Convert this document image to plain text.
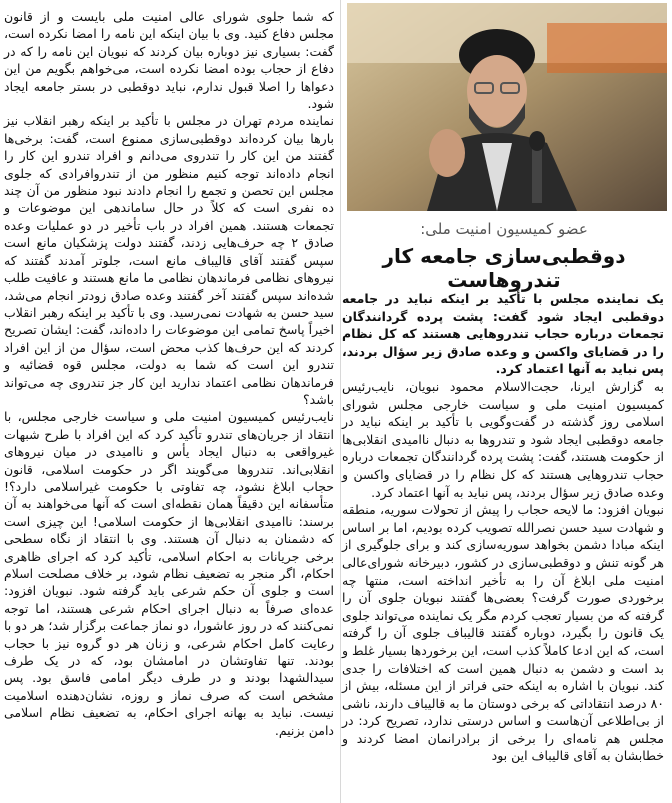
که شما جلوی شورای عالی امنیت ملی بایست و از قانون مجلس دفاع کنید. وی با بیان اینکه این نامه را امضا نکرده است، گفت: بسیاری نیز دوباره بیان کردند که نبویان این نامه را که در دفاع از حجاب بوده امضا نکرده است، می‌خواهم بگویم من این دعواها را اصلا قبول ندارم، نباید دوقطبی در بستر جامعه ایجاد شود.

نماینده مردم تهران در مجلس با تأکید بر اینکه رهبر انقلاب نیز بارها بیان کرده‌اند دوقطبی‌سازی ممنوع است، گفت: برخی‌ها گفتند من این کار را تندروی می‌دانم و افراد تندرو این کار را انجام داده‌اند توجه کنیم منظور من از تندروافرادی که جلوی مجلس این تحصن و تجمع را انجام دادند نبود منظور من آن چند ده نفری است که کلاً در حال ساماندهی این موضوعات و تجمعات هستند. همین افراد در باب تأخیر در دو عملیات وعده صادق ۲ چه حرف‌هایی زدند، گفتند دولت پزشکیان مانع است سپس گفتند آقای قالیباف مانع است، جلوتر آمدند گفتند که نیروهای نظامی فرماندهان نظامی ما مانع هستند و عافیت طلب شده‌اند سپس گفتند آخر گفتند وعده صادق زودتر انجام می‌شد، سید حسن به شهادت نمی‌رسید. وی با تأکید بر اینکه رهبر انقلاب اخیراً پاسخ تمامی این موضوعات را داده‌اند، گفت: ایشان تصریح کردند که این حرف‌ها کذب محض است، سؤال من از این افراد تندرو این است که شما به دولت، مجلس قوه قضائیه و فرماندهان نظامی اعتماد ندارید این کار جز تندروی چه می‌تواند باشد؟

نایب‌رئیس کمیسیون امنیت ملی و سیاست خارجی مجلس، با انتقاد از جریان‌های تندرو تأکید کرد که این افراد با طرح شبهات غیرواقعی به دنبال ایجاد یأس و ناامیدی در میان نیروهای انقلابی‌اند. تندروها می‌گویند اگر در حکومت اسلامی، قانون حجاب ابلاغ نشود، چه تفاوتی با حکومت غیراسلامی دارد؟! متأسفانه این دقیقاً همان نقطه‌ای است که آنها می‌خواهند به آن برسند: ناامیدی انقلابی‌ها از حکومت اسلامی! این چیزی است که دشمنان به دنبال آن هستند. وی با انتقاد از نگاه سطحی برخی جریانات به احکام اسلامی، تأکید کرد که اجرای ظاهری احکام، اگر منجر به تضعیف نظام شود، بر خلاف مصلحت اسلام است و جلوی آن حکم شرعی باید گرفته شود. نبویان افزود: عده‌ای صرفاً به دنبال اجرای احکام شرعی هستند، اما توجه نمی‌کنند که در روز عاشورا، دو نماز جماعت برگزار شد؛ هر دو با رعایت کامل احکام شرعی، و زنان هر دو گروه نیز با حجاب بودند. تنها تفاوتشان در امامشان بود، که در یک طرف سیدالشهدا بودند و در طرف دیگر امامی فاسق بود. پس مشخص است که صرف نماز و روزه، نشان‌دهنده اسلامیت نیست. نباید به بهانه اجرای احکام، به تضعیف نظام اسلامی دامن بزنیم.

عضو کمیسیون امنیت ملی:
دوقطبی‌سازی جامعه کار تندروهاست
یک نماینده مجلس با تأکید بر اینکه نباید در جامعه دوقطبی ایجاد شود گفت: پشت پرده گردانندگان تجمعات درباره حجاب تندروهایی هستند که کل نظام را در قضایای واکسن و وعده صادق زیر سؤال بردند، پس نباید به آنها اعتماد کرد.

به گزارش ایرنا، حجت‌الاسلام محمود نبویان، نایب‌رئیس کمیسیون امنیت ملی و سیاست خارجی مجلس شورای اسلامی روز گذشته در گفت‌وگویی با تأکید بر اینکه نباید در جامعه دوقطبی ایجاد شود و تندروها به دنبال ناامیدی انقلابی‌ها از حکومت هستند، گفت: پشت پرده گردانندگان تجمعات درباره حجاب تندروهایی هستند که کل نظام را در قضایای واکسن و وعده صادق زیر سؤال بردند، پس نباید به آنها اعتماد کرد.

نبویان افزود: ما لایحه حجاب را پیش از تحولات سوریه، منطقه و شهادت سید حسن نصرالله تصویب کرده بودیم، اما بر اساس اینکه مبادا دشمن بخواهد سوریه‌سازی کند و برای جلوگیری از هر گونه تنش و دوقطبی‌سازی در کشور، دبیرخانه شورای‌عالی امنیت ملی ابلاغ آن را به تأخیر انداخته است، منتها چه برخوردی صورت گرفت؟ بعضی‌ها گفتند نبویان جلوی آن را گرفته که من بسیار تعجب کردم مگر یک نماینده می‌تواند جلوی یک قانون را بگیرد، دوباره گفتند قالیباف جلوی آن را گرفته است، که این ادعا کاملاً کذب است، این برخوردها بسیار غلط و بد است و دشمن به دنبال همین است که اختلافات را جدی کند. نبویان با اشاره به اینکه حتی فراتر از این مسئله، بیش از ۸۰ درصد انتقاداتی که برخی دوستان ما به قالیباف دارند، ناشی از بی‌اطلاعی آن‌هاست و اساس درستی ندارد، تصریح کرد: در مجلس هم نامه‌ای را برخی از برادرانمان امضا کردند و خطابشان به آقای قالیباف این بود
